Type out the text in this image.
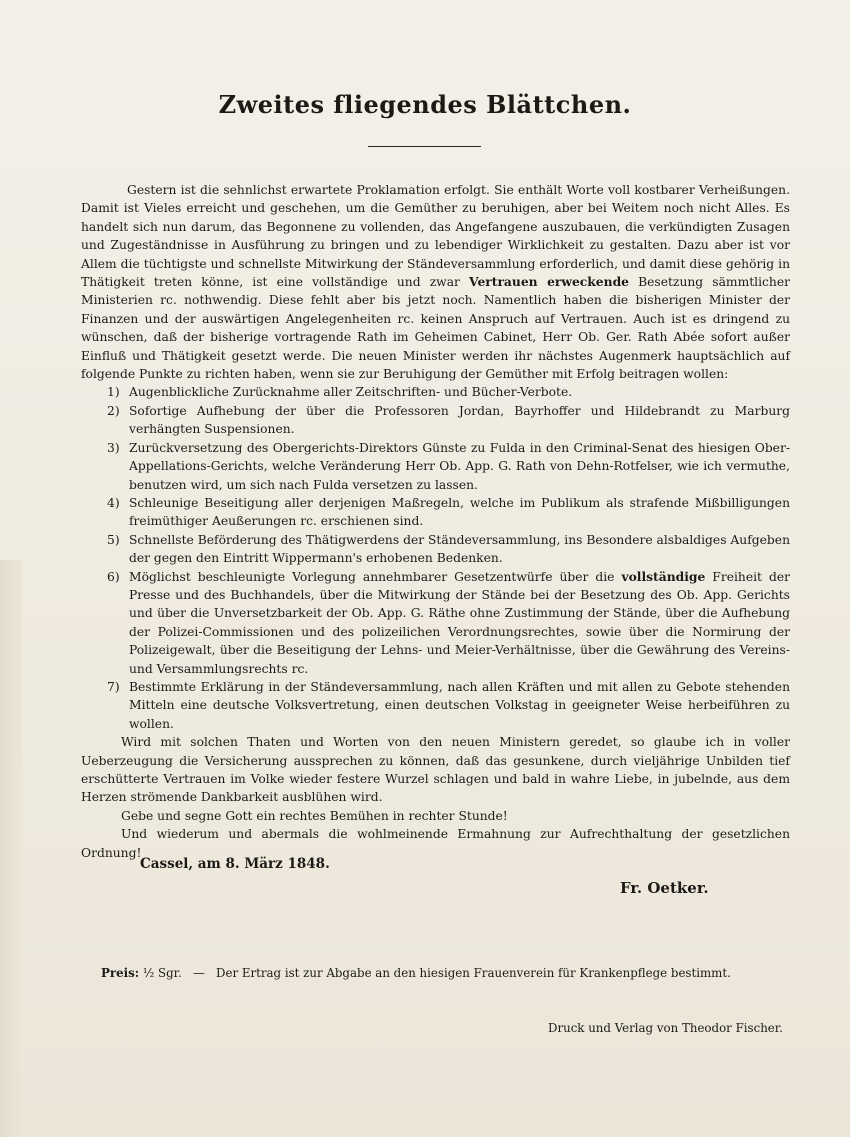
Zweites fliegendes Blättchen.

Gestern ist die sehnlichst erwartete Proklamation erfolgt. Sie enthält Worte voll kostbarer Verheißungen. Damit ist Vieles erreicht und geschehen, um die Gemüther zu beruhigen, aber bei Weitem noch nicht Alles. Es handelt sich nun darum, das Begonnene zu vollenden, das Angefangene auszubauen, die verkündigten Zusagen und Zugeständnisse in Ausführung zu bringen und zu lebendiger Wirklichkeit zu gestalten. Dazu aber ist vor Allem die tüchtigste und schnellste Mitwirkung der Ständeversammlung erforderlich, und damit diese gehörig in Thätigkeit treten könne, ist eine vollständige und zwar Vertrauen erweckende Besetzung sämmtlicher Ministerien rc. nothwendig. Diese fehlt aber bis jetzt noch. Namentlich haben die bisherigen Minister der Finanzen und der auswärtigen Angelegenheiten rc. keinen Anspruch auf Vertrauen. Auch ist es dringend zu wünschen, daß der bisherige vortragende Rath im Geheimen Cabinet, Herr Ob. Ger. Rath Abée sofort außer Einfluß und Thätigkeit gesetzt werde. Die neuen Minister werden ihr nächstes Augenmerk hauptsächlich auf folgende Punkte zu richten haben, wenn sie zur Beruhigung der Gemüther mit Erfolg beitragen wollen:

1) Augenblickliche Zurücknahme aller Zeitschriften- und Bücher-Verbote.
2) Sofortige Aufhebung der über die Professoren Jordan, Bayrhoffer und Hildebrandt zu Marburg verhängten Suspensionen.
3) Zurückversetzung des Obergerichts-Direktors Günste zu Fulda in den Criminal-Senat des hiesigen Ober-Appellations-Gerichts, welche Veränderung Herr Ob. App. G. Rath von Dehn-Rotfelser, wie ich vermuthe, benutzen wird, um sich nach Fulda versetzen zu lassen.
4) Schleunige Beseitigung aller derjenigen Maßregeln, welche im Publikum als strafende Mißbilligungen freimüthiger Aeußerungen rc. erschienen sind.
5) Schnellste Beförderung des Thätigwerdens der Ständeversammlung, ins Besondere alsbaldiges Aufgeben der gegen den Eintritt Wippermann's erhobenen Bedenken.
6) Möglichst beschleunigte Vorlegung annehmbarer Gesetzentwürfe über die vollständige Freiheit der Presse und des Buchhandels, über die Mitwirkung der Stände bei der Besetzung des Ob. App. Gerichts und über die Unversetzbarkeit der Ob. App. G. Räthe ohne Zustimmung der Stände, über die Aufhebung der Polizei-Commissionen und des polizeilichen Verordnungsrechtes, sowie über die Normirung der Polizeigewalt, über die Beseitigung der Lehns- und Meier-Verhältnisse, über die Gewährung des Vereins- und Versammlungsrechts rc.
7) Bestimmte Erklärung in der Ständeversammlung, nach allen Kräften und mit allen zu Gebote stehenden Mitteln eine deutsche Volksvertretung, einen deutschen Volkstag in geeigneter Weise herbeiführen zu wollen.

Wird mit solchen Thaten und Worten von den neuen Ministern geredet, so glaube ich in voller Ueberzeugung die Versicherung aussprechen zu können, daß das gesunkene, durch vieljährige Unbilden tief erschütterte Vertrauen im Volke wieder festere Wurzel schlagen und bald in wahre Liebe, in jubelnde, aus dem Herzen strömende Dankbarkeit ausblühen wird.

Gebe und segne Gott ein rechtes Bemühen in rechter Stunde!

Und wiederum und abermals die wohlmeinende Ermahnung zur Aufrechthaltung der gesetzlichen Ordnung!

Cassel, am 8. März 1848.
Fr. Oetker.
Preis: ½ Sgr. — Der Ertrag ist zur Abgabe an den hiesigen Frauenverein für Krankenpflege bestimmt.
Druck und Verlag von Theodor Fischer.
